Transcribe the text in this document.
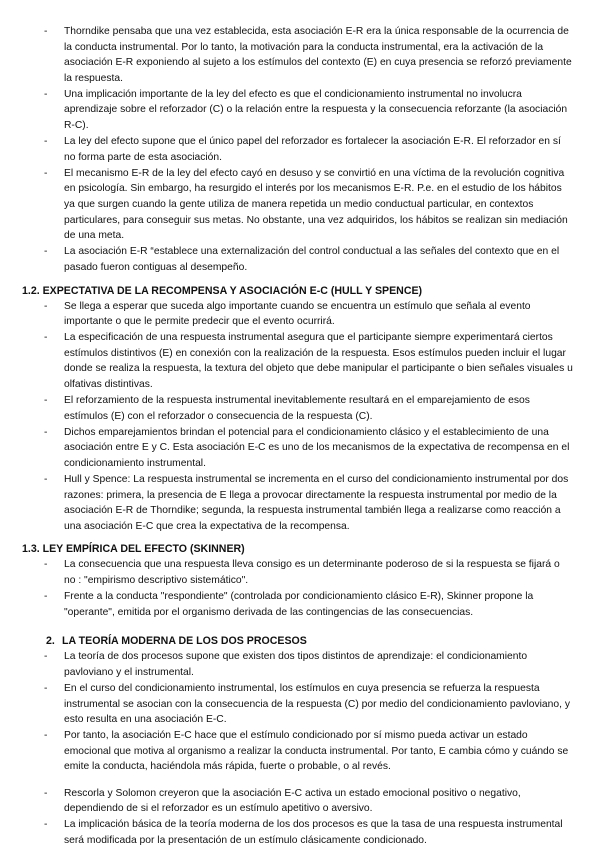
- Thorndike pensaba que una vez establecida, esta asociación E-R era la única responsable de la ocurrencia de la conducta instrumental. Por lo tanto, la motivación para la conducta instrumental, era la activación de la asociación E-R exponiendo al sujeto a los estímulos del contexto (E) en cuya presencia se reforzó previamente la respuesta.
- Una implicación importante de la ley del efecto es que el condicionamiento instrumental no involucra aprendizaje sobre el reforzador (C) o la relación entre la respuesta y la consecuencia reforzante (la asociación R-C).
- La ley del efecto supone que el único papel del reforzador es fortalecer la asociación E-R. El reforzador en sí no forma parte de esta asociación.
- El mecanismo E-R de la ley del efecto cayó en desuso y se convirtió en una víctima de la revolución cognitiva en psicología. Sin embargo, ha resurgido el interés por los mecanismos E-R. P.e. en el estudio de los hábitos ya que surgen cuando la gente utiliza de manera repetida un medio conductual particular, en contextos particulares, para conseguir sus metas. No obstante, una vez adquiridos, los hábitos se realizan sin mediación de una meta.
- La asociación E-R “establece una externalización del control conductual a las señales del contexto que en el pasado fueron contiguas al desempeño.
1.2. EXPECTATIVA DE LA RECOMPENSA Y ASOCIACIÓN E-C (HULL Y SPENCE)
- Se llega a esperar que suceda algo importante cuando se encuentra un estímulo que señala al evento importante o que le permite predecir que el evento ocurrirá.
- La especificación de una respuesta instrumental asegura que el participante siempre experimentará ciertos estímulos distintivos (E) en conexión con la realización de la respuesta. Esos estímulos pueden incluir el lugar donde se realiza la respuesta, la textura del objeto que debe manipular el participante o bien señales visuales u olfativas distintivas.
- El reforzamiento de la respuesta instrumental inevitablemente resultará en el emparejamiento de esos estímulos (E) con el reforzador o consecuencia de la respuesta (C).
- Dichos emparejamientos brindan el potencial para el condicionamiento clásico y el establecimiento de una asociación entre E y C. Esta asociación E-C es uno de los mecanismos de la expectativa de recompensa en el condicionamiento instrumental.
- Hull y Spence: La respuesta instrumental se incrementa en el curso del condicionamiento instrumental por dos razones: primera, la presencia de E llega a provocar directamente la respuesta instrumental por medio de la asociación E-R de Thorndike; segunda, la respuesta instrumental también llega a realizarse como reacción a una asociación E-C que crea la expectativa de la recompensa.
1.3. LEY EMPÍRICA DEL EFECTO (SKINNER)
- La consecuencia que una respuesta lleva consigo es un determinante poderoso de si la respuesta se fijará o no : "empirismo descriptivo sistemático".
- Frente a la conducta "respondiente" (controlada por condicionamiento clásico E-R), Skinner propone la "operante", emitida por el organismo derivada de las contingencias de las consecuencias.
2. LA TEORÍA MODERNA DE LOS DOS PROCESOS
- La teoría de dos procesos supone que existen dos tipos distintos de aprendizaje: el condicionamiento pavloviano y el instrumental.
- En el curso del condicionamiento instrumental, los estímulos en cuya presencia se refuerza la respuesta instrumental se asocian con la consecuencia de la respuesta (C) por medio del condicionamiento pavloviano, y esto resulta en una asociación E-C.
- Por tanto, la asociación E-C hace que el estímulo condicionado por sí mismo pueda activar un estado emocional que motiva al organismo a realizar la conducta instrumental. Por tanto, E cambia cómo y cuándo se emite la conducta, haciéndola más rápida, fuerte o probable, o al revés.
- Rescorla y Solomon creyeron que la asociación E-C activa un estado emocional positivo o negativo, dependiendo de si el reforzador es un estímulo apetitivo o aversivo.
- La implicación básica de la teoría moderna de los dos procesos es que la tasa de una respuesta instrumental será modificada por la presentación de un estímulo clásicamente condicionado.
